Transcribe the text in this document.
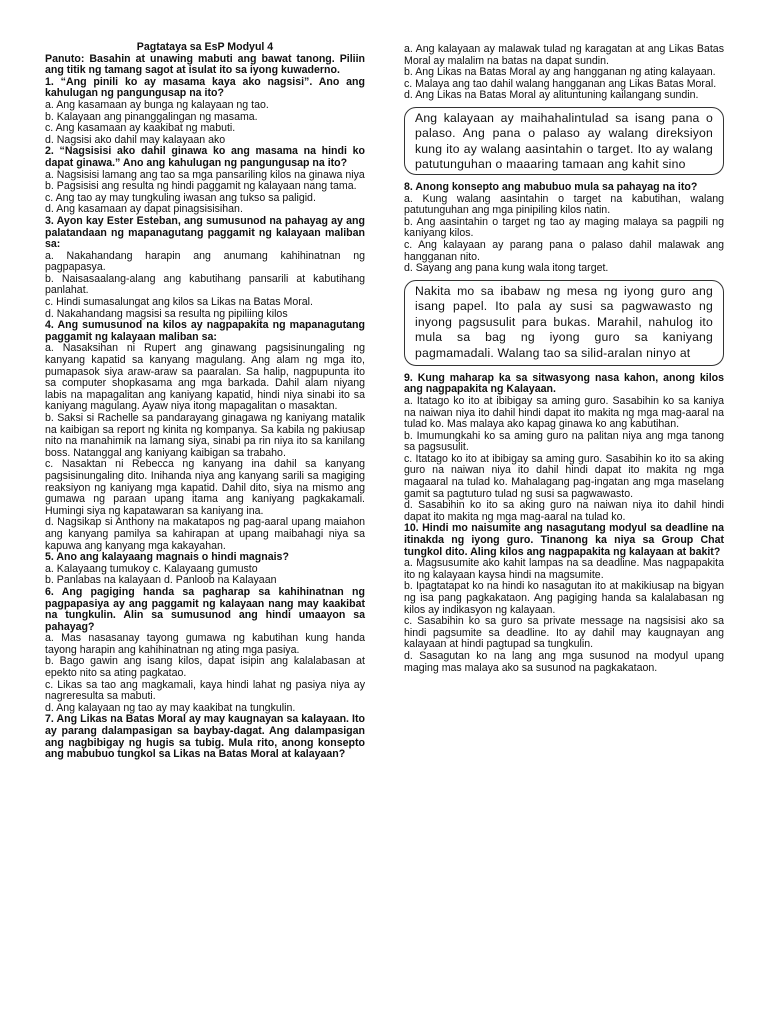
Pagtataya sa EsP Modyul 4

Panuto: Basahin at unawing mabuti ang bawat tanong. Piliin ang titik ng tamang sagot at isulat ito sa iyong kuwaderno.

1. “Ang pinili ko ay masama kaya ako nagsisi”. Ano ang kahulugan ng pangungusap na ito?

a. Ang kasamaan ay bunga ng kalayaan ng tao.

b. Kalayaan ang pinanggalingan ng masama.

c. Ang kasamaan ay kaakibat ng mabuti.

d. Nagsisi ako dahil may kalayaan ako

2. “Nagsisisi ako dahil ginawa ko ang masama na hindi ko dapat ginawa.” Ano ang kahulugan ng pangungusap na ito?

a. Nagsisisi lamang ang tao sa mga pansariling kilos na ginawa niya

b. Pagsisisi ang resulta ng hindi paggamit ng kalayaan nang tama.

c. Ang tao ay may tungkuling iwasan ang tukso sa paligid.

d. Ang kasamaan ay dapat pinagsisisihan.

3. Ayon kay Ester Esteban, ang sumusunod na pahayag ay ang palatandaan ng mapanagutang paggamit ng kalayaan maliban sa:

a. Nakahandang harapin ang anumang kahihinatnan ng pagpapasya.

b. Naisasaalang-alang ang kabutihang pansarili at kabutihang panlahat.

c. Hindi sumasalungat ang kilos sa Likas na Batas Moral.

d. Nakahandang magsisi sa resulta ng pipiliing kilos

4. Ang sumusunod na kilos ay nagpapakita ng mapanagutang paggamit ng kalayaan maliban sa:

a. Nasaksihan ni Rupert ang ginawang pagsisinungaling ng kanyang kapatid sa kanyang magulang. Ang alam ng mga ito, pumapasok siya araw-araw sa paaralan. Sa halip, nagpupunta ito sa computer shopkasama ang mga barkada. Dahil alam niyang labis na mapagalitan ang kaniyang kapatid, hindi niya sinabi ito sa kaniyang magulang. Ayaw niya itong mapagalitan o masaktan.

b. Saksi si Rachelle sa pandarayang ginagawa ng kaniyang matalik na kaibigan sa report ng kinita ng kompanya. Sa kabila ng pakiusap nito na manahimik na lamang siya, sinabi pa rin niya ito sa kanilang boss. Natanggal ang kaniyang kaibigan sa trabaho.

c. Nasaktan ni Rebecca ng kanyang ina dahil sa kanyang pagsisinungaling dito. Inihanda niya ang kanyang sarili sa magiging reaksiyon ng kaniyang mga kapatid. Dahil dito, siya na mismo ang gumawa ng paraan upang itama ang kaniyang pagkakamali. Humingi siya ng kapatawaran sa kaniyang ina.

d. Nagsikap si Anthony na makatapos ng pag-aaral upang maiahon ang kanyang pamilya sa kahirapan at upang maibahagi niya sa kapuwa ang kanyang mga kakayahan.

5. Ano ang kalayaang magnais o hindi magnais?

a. Kalayaang tumukoy c. Kalayaang gumusto

b. Panlabas na kalayaan d. Panloob na Kalayaan

6. Ang pagiging handa sa pagharap sa kahihinatnan ng pagpapasiya ay ang paggamit ng kalayaan nang may kaakibat na tungkulin. Alin sa sumusunod ang hindi umaayon sa pahayag?

a. Mas nasasanay tayong gumawa ng kabutihan kung handa tayong harapin ang kahihinatnan ng ating mga pasiya.

b. Bago gawin ang isang kilos, dapat isipin ang kalalabasan at epekto nito sa ating pagkatao.

c. Likas sa tao ang magkamali, kaya hindi lahat ng pasiya niya ay nagreresulta sa mabuti.

d. Ang kalayaan ng tao ay may kaakibat na tungkulin.

7. Ang Likas na Batas Moral ay may kaugnayan sa kalayaan. Ito ay parang dalampasigan sa baybay-dagat. Ang dalampasigan ang nagbibigay ng hugis sa tubig. Mula rito, anong konsepto ang mabubuo tungkol sa Likas na Batas Moral at kalayaan?

a. Ang kalayaan ay malawak tulad ng karagatan at ang Likas Batas Moral ay malalim na batas na dapat sundin.

b. Ang Likas na Batas Moral ay ang hangganan ng ating kalayaan.

c. Malaya ang tao dahil walang hangganan ang Likas Batas Moral.

d. Ang Likas na Batas Moral ay alituntuning kailangang sundin.

Ang kalayaan ay maihahalintulad sa isang pana o palaso. Ang pana o palaso ay walang direksiyon kung ito ay walang aasintahin o target. Ito ay walang patutunguhan o maaaring tamaan ang kahit sino

8. Anong konsepto ang mabubuo mula sa pahayag na ito?

a. Kung walang aasintahin o target na kabutihan, walang patutunguhan ang mga pinipiling kilos natin.

b. Ang aasintahin o target ng tao ay maging malaya sa pagpili ng kaniyang kilos.

c. Ang kalayaan ay parang pana o palaso dahil malawak ang hangganan nito.

d. Sayang ang pana kung wala itong target.

Nakita mo sa ibabaw ng mesa ng iyong guro ang isang papel. Ito pala ay susi sa pagwawasto ng inyong pagsusulit para bukas. Marahil, nahulog ito mula sa bag ng iyong guro sa kaniyang pagmamadali. Walang tao sa silid-aralan ninyo at

9. Kung maharap ka sa sitwasyong nasa kahon, anong kilos ang nagpapakita ng Kalayaan.

a. Itatago ko ito at ibibigay sa aming guro. Sasabihin ko sa kaniya na naiwan niya ito dahil hindi dapat ito makita ng mga mag-aaral na tulad ko. Mas malaya ako kapag ginawa ko ang kabutihan.

b. Imumungkahi ko sa aming guro na palitan niya ang mga tanong sa pagsusulit.

c. Itatago ko ito at ibibigay sa aming guro. Sasabihin ko ito sa aking guro na naiwan niya ito dahil hindi dapat ito makita ng mga magaaral na tulad ko. Mahalagang pag-ingatan ang mga maselang gamit sa pagtuturo tulad ng susi sa pagwawasto.

d. Sasabihin ko ito sa aking guro na naiwan niya ito dahil hindi dapat ito makita ng mga mag-aaral na tulad ko.

10. Hindi mo naisumite ang nasagutang modyul sa deadline na itinakda ng iyong guro. Tinanong ka niya sa Group Chat tungkol dito. Aling kilos ang nagpapakita ng kalayaan at bakit?

a. Magsusumite ako kahit lampas na sa deadline. Mas nagpapakita ito ng kalayaan kaysa hindi na magsumite.

b. Ipagtatapat ko na hindi ko nasagutan ito at makikiusap na bigyan ng isa pang pagkakataon. Ang pagiging handa sa kalalabasan ng kilos ay indikasyon ng kalayaan.

c. Sasabihin ko sa guro sa private message na nagsisisi ako sa hindi pagsumite sa deadline. Ito ay dahil may kaugnayan ang kalayaan at hindi pagtupad sa tungkulin.

d. Sasagutan ko na lang ang mga susunod na modyul upang maging mas malaya ako sa susunod na pagkakataon.
